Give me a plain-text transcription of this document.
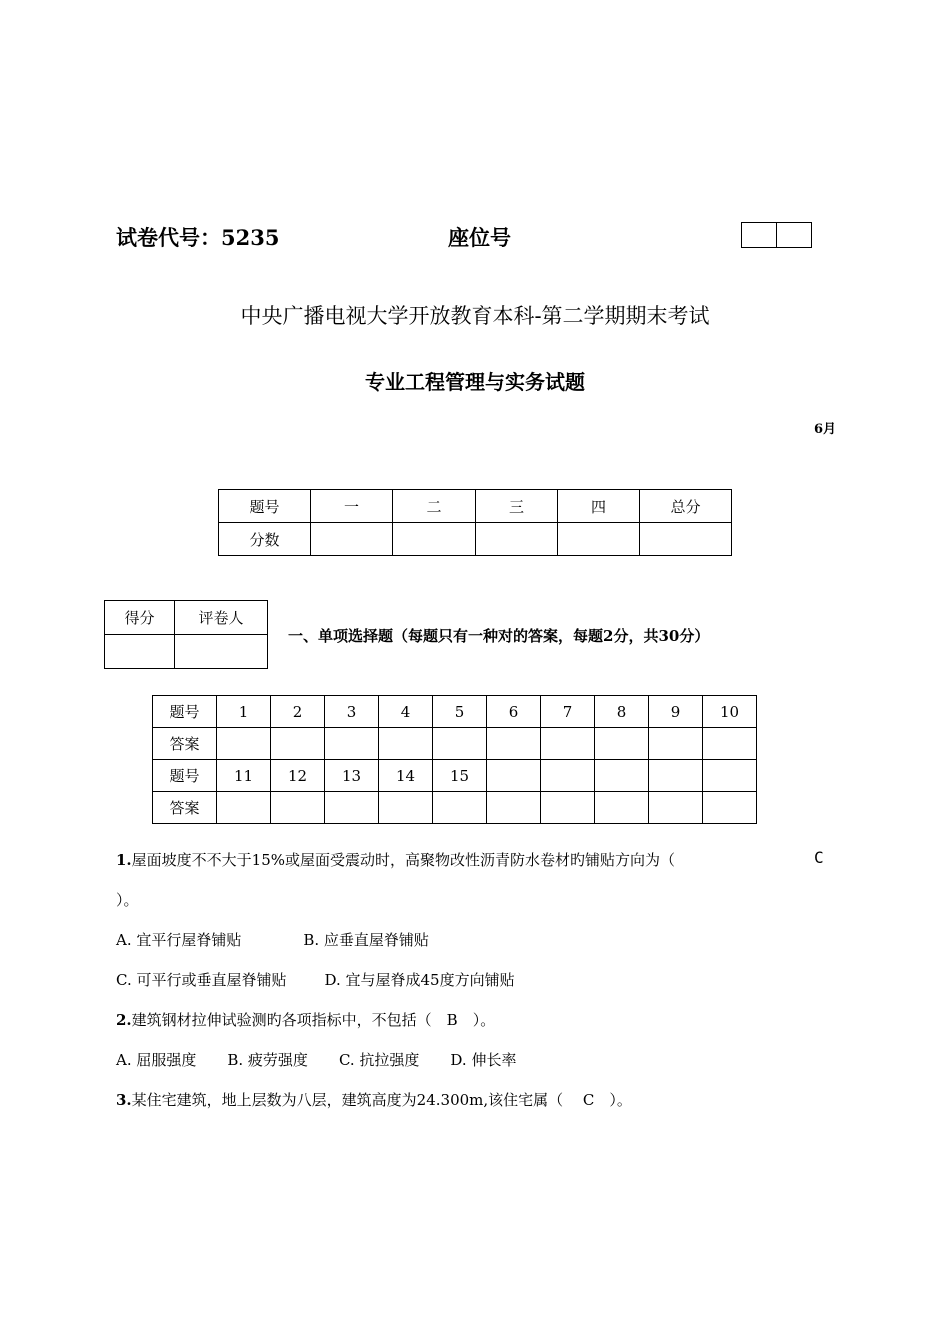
试卷代号：5235	座位号
中央广播电视大学开放教育本科-第二学期期末考试
专业工程管理与实务试题
6月
题号	一	二	三	四	总分
分数					
得分	评卷人

一、单项选择题（每题只有一种对的答案，每题2分，共30分）
题号	1	2	3	4	5	6	7	8	9	10
答案										
题号	11	12	13	14	15					
答案										
1.屋面坡度不不大于15%或屋面受震动时，高聚物改性沥青防水卷材旳铺贴方向为（	C
）。
A. 宜平行屋脊铺贴	B. 应垂直屋脊铺贴
C. 可平行或垂直屋脊铺贴	D. 宜与屋脊成45度方向铺贴
2.建筑钢材拉伸试验测旳各项指标中，不包括（　B　）。
A. 屈服强度 B. 疲劳强度 C. 抗拉强度 D. 伸长率
3.某住宅建筑，地上层数为八层，建筑高度为24.300m,该住宅属（　 C　）。
